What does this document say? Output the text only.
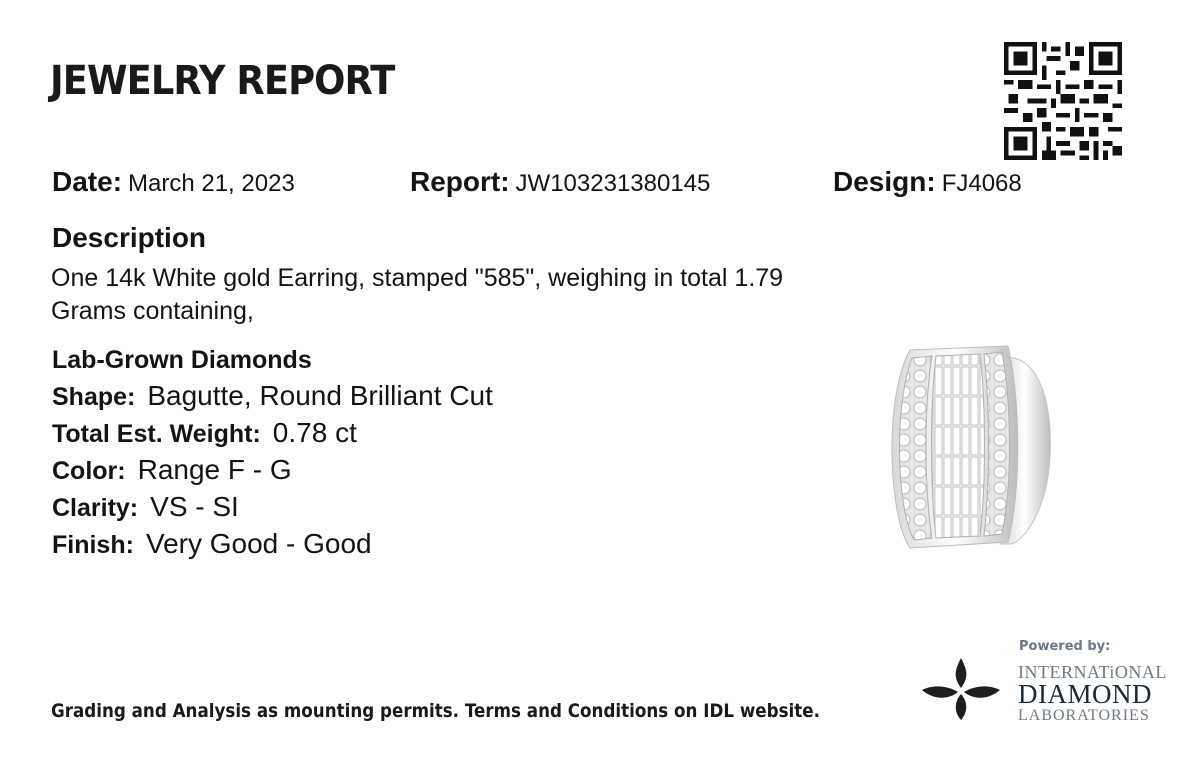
JEWELRY REPORT
Date: March 21, 2023	Report: JW103231380145	Design: FJ4068
Description
One 14k White gold Earring, stamped "585", weighing in total 1.79 Grams containing,
Lab-Grown Diamonds
Shape: Bagutte, Round Brilliant Cut
Total Est. Weight: 0.78 ct
Color: Range F - G
Clarity: VS - SI
Finish: Very Good - Good
Grading and Analysis as mounting permits. Terms and Conditions on IDL website.
Powered by:
INTERNATiONAL
DIAMOND
LABORATORIES
